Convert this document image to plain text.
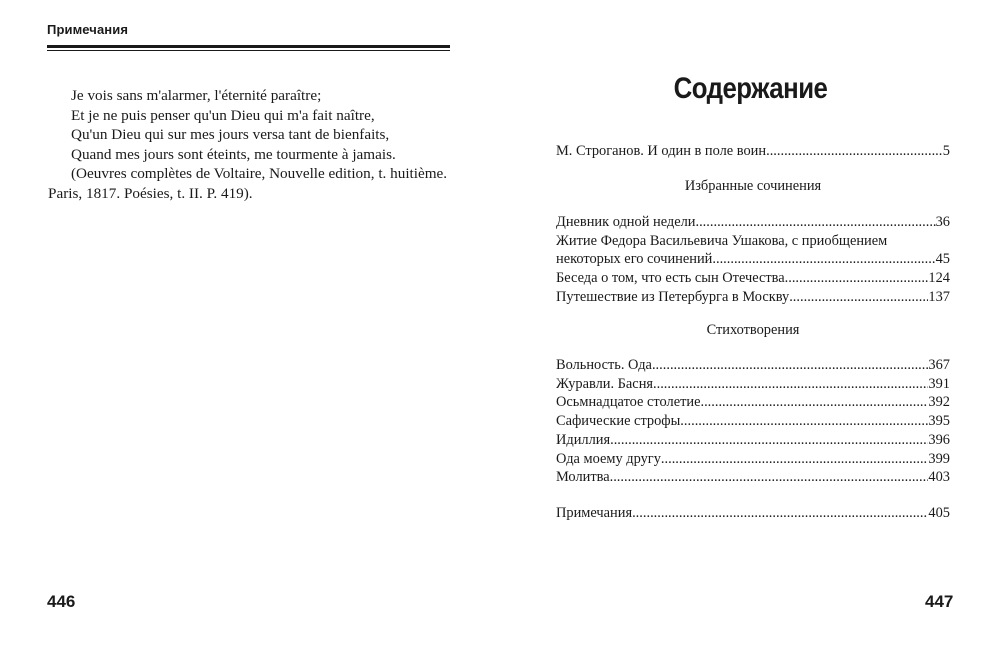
Примечания
Je vois sans m'alarmer, l'éternité paraître;
Et je ne puis penser qu'un Dieu qui m'a fait naître,
Qu'un Dieu qui sur mes jours versa tant de bienfaits,
Quand mes jours sont éteints, me tourmente à jamais.
(Oeuvres complètes de Voltaire, Nouvelle edition, t. huitième.
Paris, 1817. Poésies, t. II. P. 419).
446
Содержание
М. Строганов. И один в поле воин .....	5
Избранные сочинения
Дневник одной недели .....	36
Житие Федора Васильевича Ушакова, с приобщением
некоторых его сочинений .....	45
Беседа о том, что есть сын Отечества .....	124
Путешествие из Петербурга в Москву .....	137
Стихотворения
Вольность. Ода .....	367
Журавли. Басня .....	391
Осьмнадцатое столетие .....	392
Сафические строфы .....	395
Идиллия .....	396
Ода моему другу .....	399
Молитва .....	403
Примечания .....	405
447
